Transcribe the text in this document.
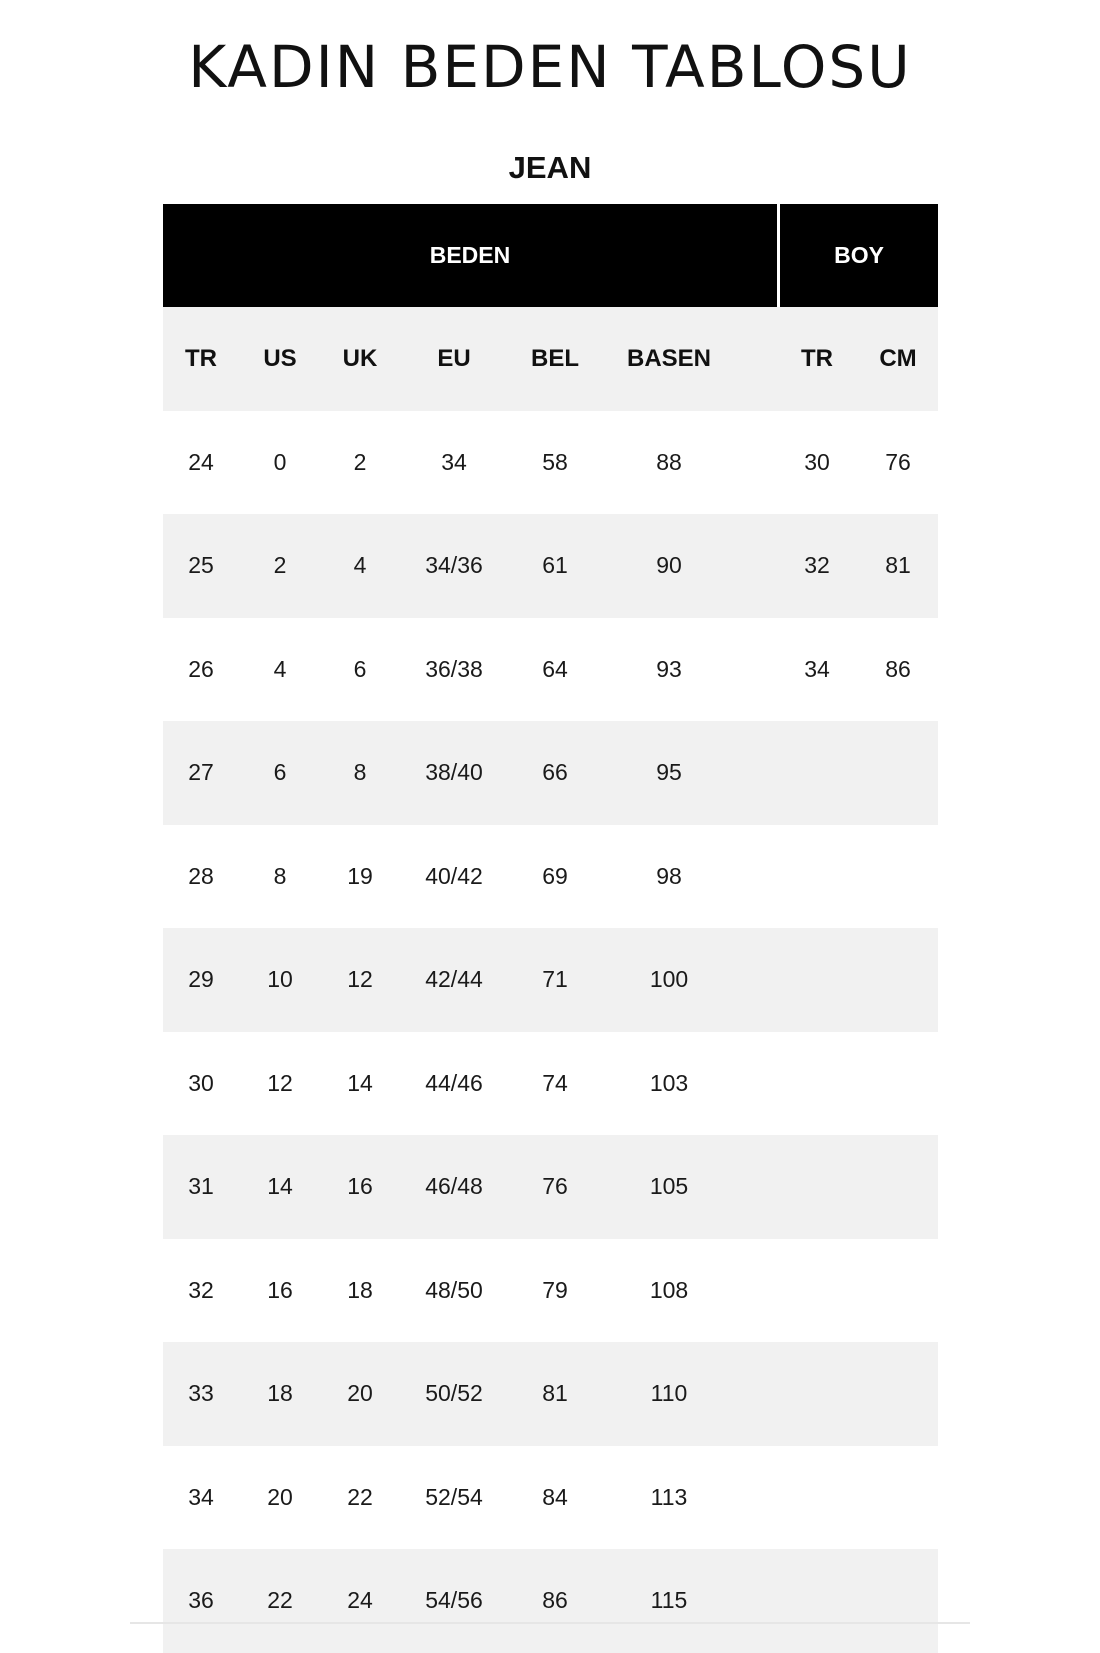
KADIN BEDEN TABLOSU
JEAN
BEDEN	BOY
TR US UK EU	BEL BASEN	TR CM
24	0	2	34	58	88	30 76
25	2	4	34/36	61	90	32 81
26	4	6	36/38	64	93	34 86
27	6	8	38/40	66	95
28	8	19 40/42	69	98
29 10 12 42/44	71	100
30 12 14 44/46	74	103
31 14 16 46/48	76	105
32 16 18 48/50	79	108
33 18 20 50/52	81	110
34 20 22 52/54	84	113
36 22 24 54/56	86	115
